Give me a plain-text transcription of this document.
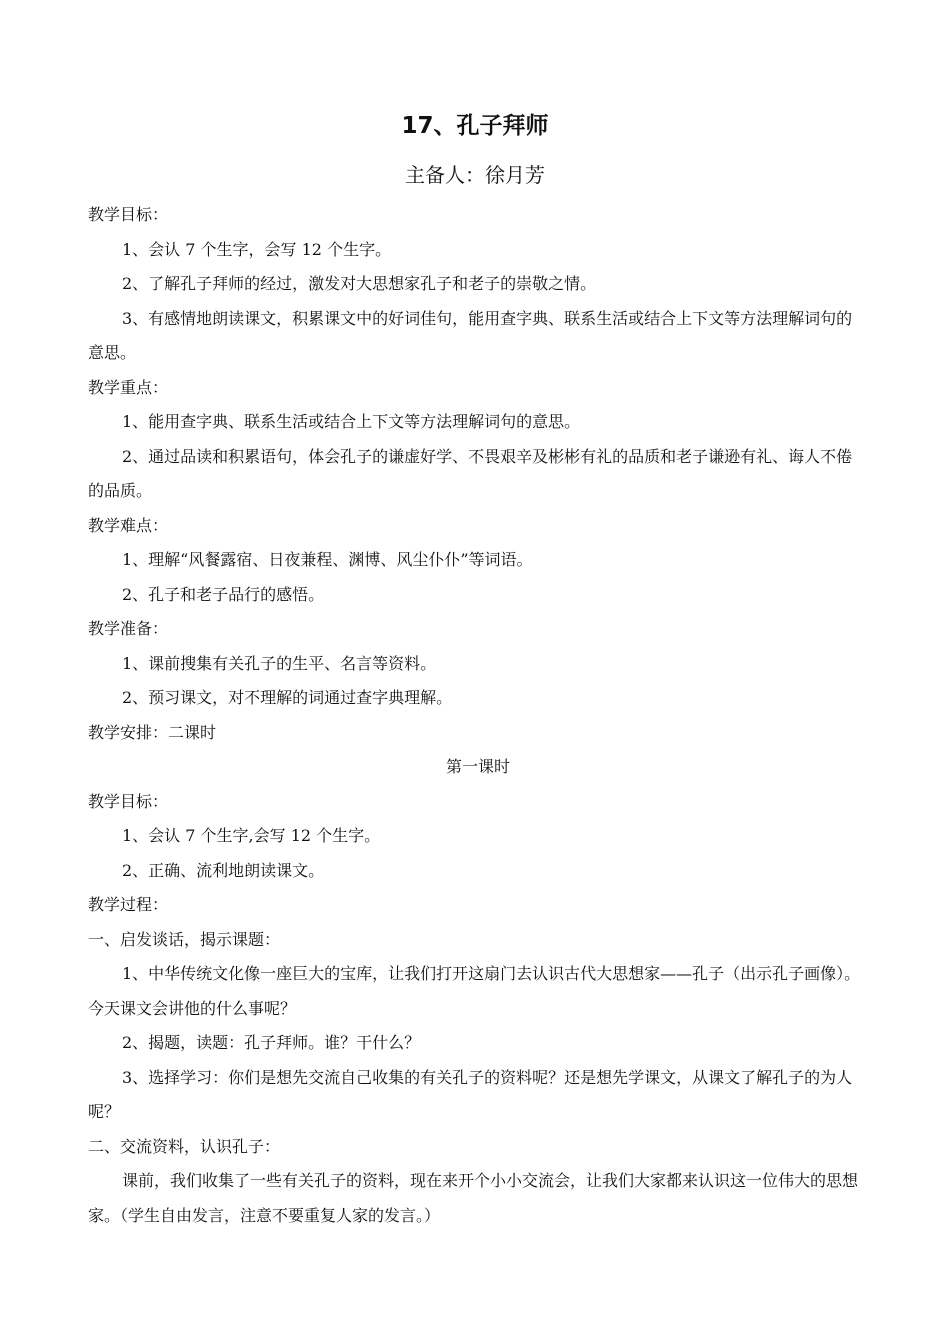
17、孔子拜师
主备人：徐月芳

教学目标：

1、会认 7 个生字，会写 12 个生字。

2、了解孔子拜师的经过，激发对大思想家孔子和老子的崇敬之情。

3、有感情地朗读课文，积累课文中的好词佳句，能用查字典、联系生活或结合上下文等方法理解词句的意思。

教学重点：

1、能用查字典、联系生活或结合上下文等方法理解词句的意思。

2、通过品读和积累语句，体会孔子的谦虚好学、不畏艰辛及彬彬有礼的品质和老子谦逊有礼、诲人不倦的品质。

教学难点：

1、理解“风餐露宿、日夜兼程、渊博、风尘仆仆”等词语。

2、孔子和老子品行的感悟。

教学准备：

1、课前搜集有关孔子的生平、名言等资料。

2、预习课文，对不理解的词通过查字典理解。

教学安排：二课时

第一课时

教学目标：

1、会认 7 个生字,会写 12 个生字。

2、正确、流利地朗读课文。

教学过程：

一、启发谈话，揭示课题：

1、中华传统文化像一座巨大的宝库，让我们打开这扇门去认识古代大思想家——孔子（出示孔子画像）。今天课文会讲他的什么事呢？

2、揭题，读题：孔子拜师。谁？干什么？

3、选择学习：你们是想先交流自己收集的有关孔子的资料呢？还是想先学课文，从课文了解孔子的为人呢？

二、交流资料，认识孔子：

课前，我们收集了一些有关孔子的资料，现在来开个小小交流会，让我们大家都来认识这一位伟大的思想家。（学生自由发言，注意不要重复人家的发言。）
